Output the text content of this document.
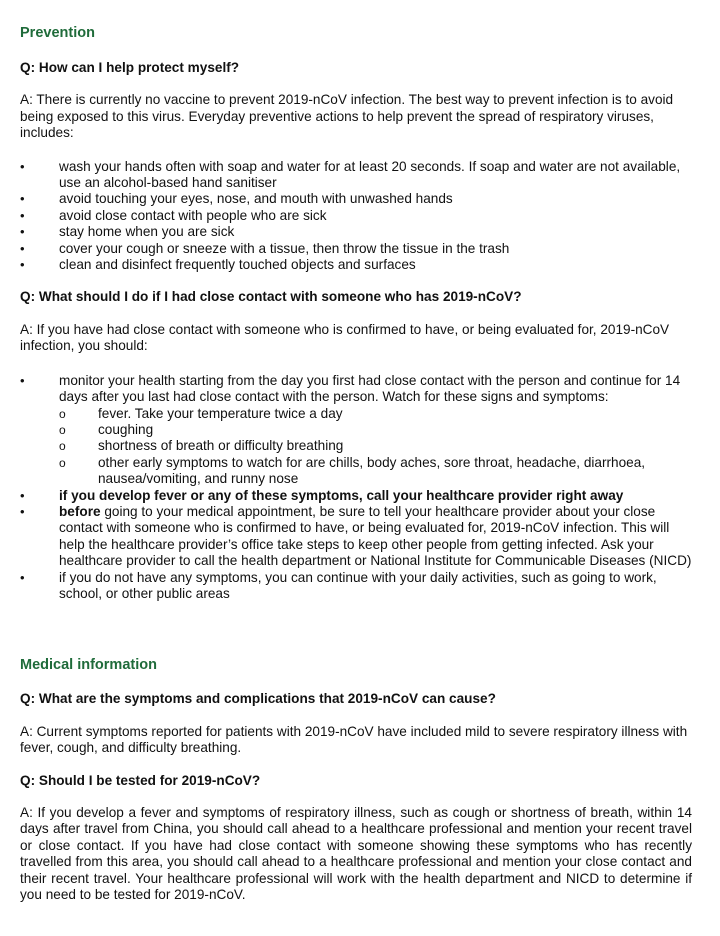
Prevention

Q: How can I help protect myself?

A: There is currently no vaccine to prevent 2019-nCoV infection. The best way to prevent infection is to avoid being exposed to this virus. Everyday preventive actions to help prevent the spread of respiratory viruses, includes:

•	wash your hands often with soap and water for at least 20 seconds. If soap and water are not available, use an alcohol-based hand sanitiser
•	avoid touching your eyes, nose, and mouth with unwashed hands
•	avoid close contact with people who are sick
•	stay home when you are sick
•	cover your cough or sneeze with a tissue, then throw the tissue in the trash
•	clean and disinfect frequently touched objects and surfaces

Q: What should I do if I had close contact with someone who has 2019-nCoV?

A: If you have had close contact with someone who is confirmed to have, or being evaluated for, 2019-nCoV infection, you should:

•	monitor your health starting from the day you first had close contact with the person and continue for 14 days after you last had close contact with the person. Watch for these signs and symptoms:
o fever. Take your temperature twice a day
o coughing
o shortness of breath or difficulty breathing
o other early symptoms to watch for are chills, body aches, sore throat, headache, diarrhoea, nausea/vomiting, and runny nose
•	if you develop fever or any of these symptoms, call your healthcare provider right away
•	before going to your medical appointment, be sure to tell your healthcare provider about your close contact with someone who is confirmed to have, or being evaluated for, 2019-nCoV infection. This will help the healthcare provider’s office take steps to keep other people from getting infected. Ask your healthcare provider to call the health department or National Institute for Communicable Diseases (NICD)
•	if you do not have any symptoms, you can continue with your daily activities, such as going to work, school, or other public areas
Medical information

Q: What are the symptoms and complications that 2019-nCoV can cause?

A: Current symptoms reported for patients with 2019-nCoV have included mild to severe respiratory illness with fever, cough, and difficulty breathing.

Q: Should I be tested for 2019-nCoV?

A: If you develop a fever and symptoms of respiratory illness, such as cough or shortness of breath, within 14 days after travel from China, you should call ahead to a healthcare professional and mention your recent travel or close contact. If you have had close contact with someone showing these symptoms who has recently travelled from this area, you should call ahead to a healthcare professional and mention your close contact and their recent travel. Your healthcare professional will work with the health department and NICD to determine if you need to be tested for 2019-nCoV.
